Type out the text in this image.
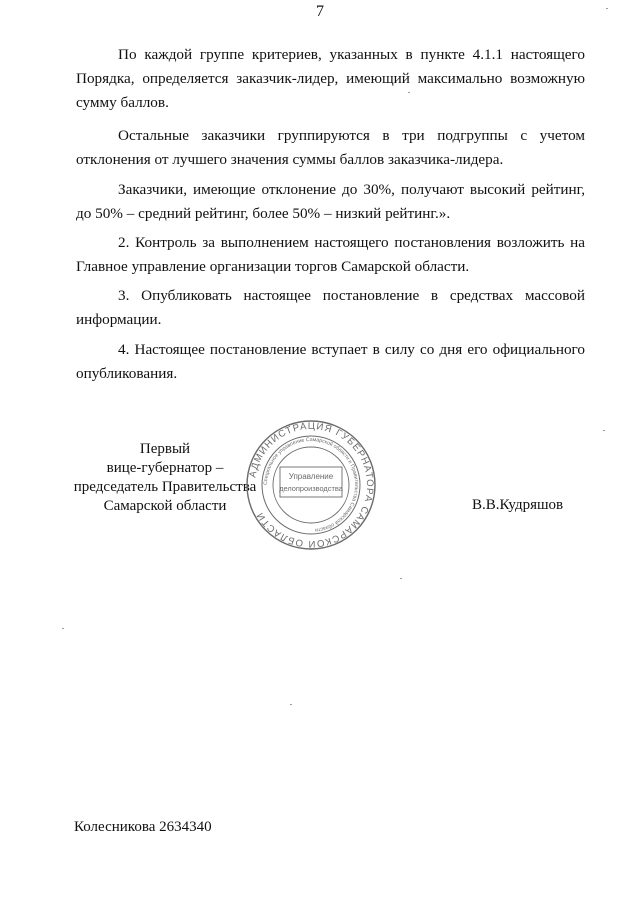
7
По каждой группе критериев, указанных в пункте 4.1.1 настоящего Порядка, определяется заказчик-лидер, имеющий максимально возможную сумму баллов.
Остальные заказчики группируются в три подгруппы с учетом отклонения от лучшего значения суммы баллов заказчика-лидера.
Заказчики, имеющие отклонение до 30%, получают высокий рейтинг, до 50% – средний рейтинг, более 50% – низкий рейтинг.».
2. Контроль за выполнением настоящего постановления возложить на Главное управление организации торгов Самарской области.
3. Опубликовать настоящее постановление в средствах массовой информации.
4. Настоящее постановление вступает в силу со дня его официального опубликования.
Первый
вице-губернатор –
председатель Правительства
Самарской области
АДМИНИСТРАЦИЯ ГУБЕРНАТОРА САМАРСКОЙ ОБЛАСТИ
Специальное управление Самарской области и Правительства Самарской области
Управление
делопроизводства
В.В.Кудряшов
Колесникова 2634340
